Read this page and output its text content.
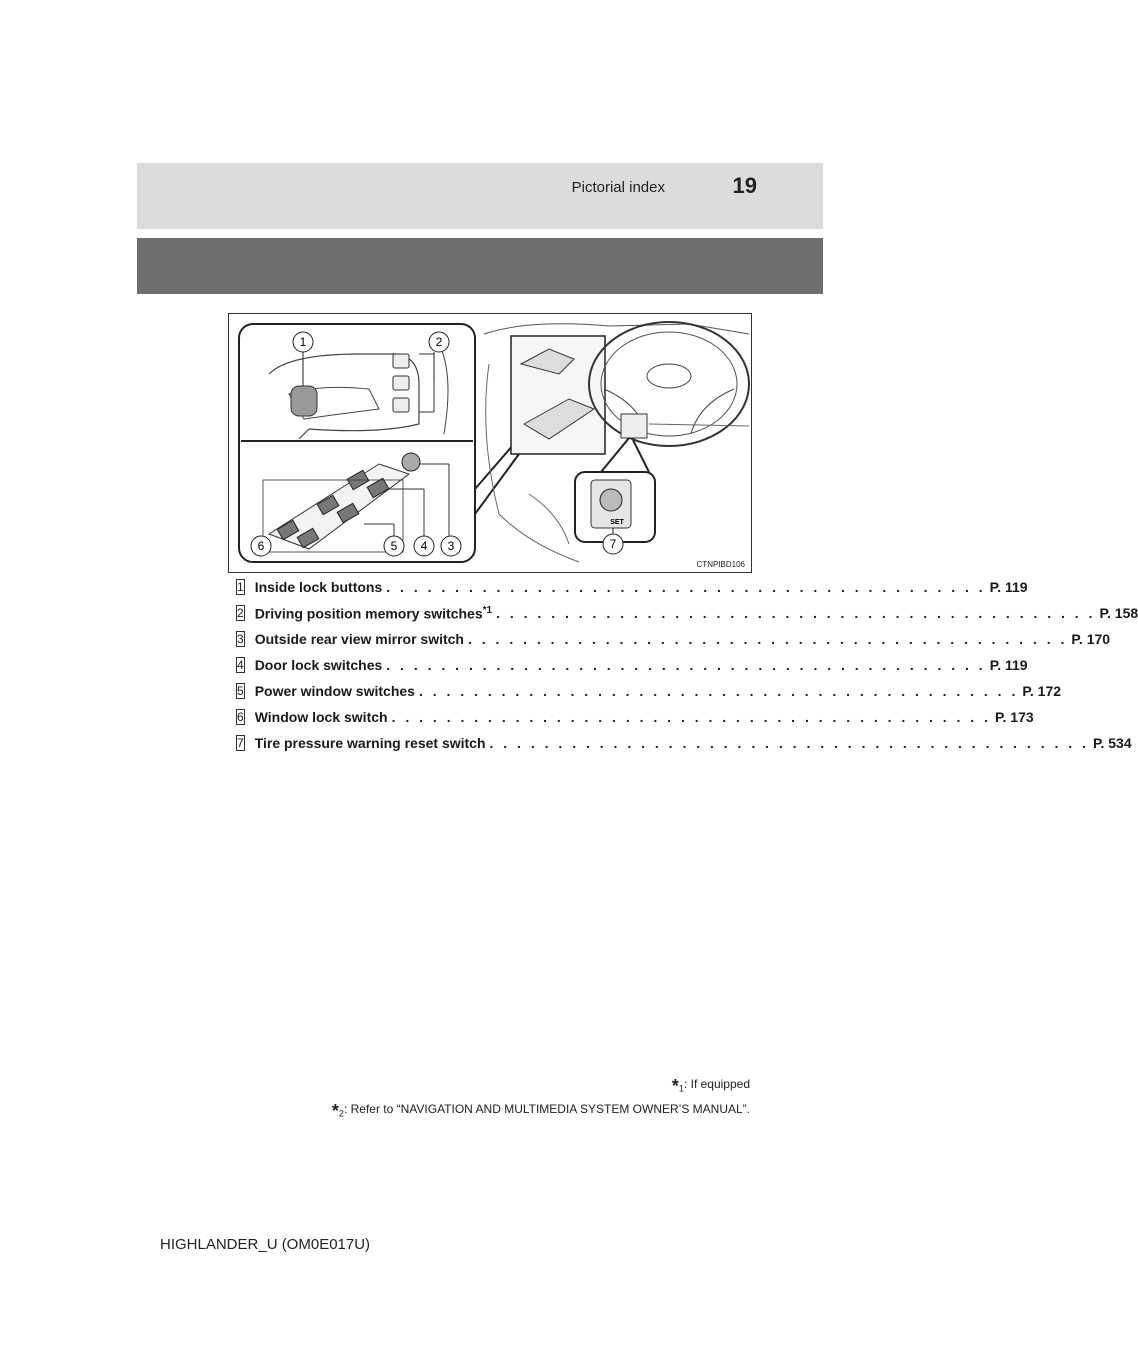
Pictorial index	19
1	2
6	5 4 3
SET
7
CTNPIBD106
1 Inside lock buttons . . . . . . . . . . . . . . . . . . . . . . . . . . . . . . . . . . . . . . . . . . . . P. 119
2 Driving position memory switches$^{*1}$ . . . . . . . . . . . . . . . . . . . . . . . . . . . . . . . . . . . . . . . . . . . . P. 158
3 Outside rear view mirror switch . . . . . . . . . . . . . . . . . . . . . . . . . . . . . . . . . . . . . . . . . . . . P. 170
4 Door lock switches . . . . . . . . . . . . . . . . . . . . . . . . . . . . . . . . . . . . . . . . . . . . P. 119
5 Power window switches . . . . . . . . . . . . . . . . . . . . . . . . . . . . . . . . . . . . . . . . . . . . P. 172
6 Window lock switch . . . . . . . . . . . . . . . . . . . . . . . . . . . . . . . . . . . . . . . . . . . . P. 173
7 Tire pressure warning reset switch . . . . . . . . . . . . . . . . . . . . . . . . . . . . . . . . . . . . . . . . . . . . P. 534
$*_1$: If equipped
$*_2$: Refer to “NAVIGATION AND MULTIMEDIA SYSTEM OWNER’S MANUAL”.
HIGHLANDER_U (OM0E017U)
